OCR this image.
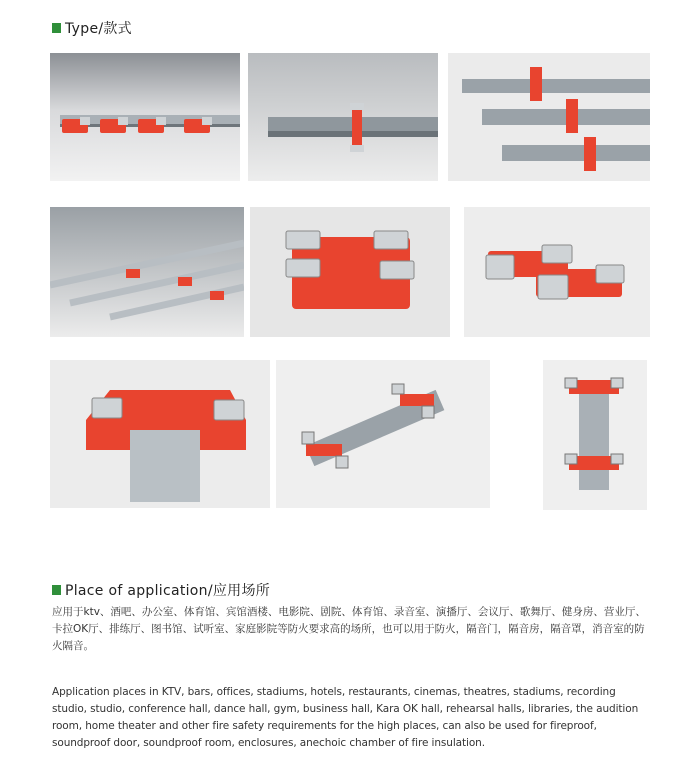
Type/款式
Place of application/应用场所
应用于ktv、酒吧、办公室、体育馆、宾馆酒楼、电影院、剧院、体育馆、录音室、演播厅、会议厅、歌舞厅、健身房、营业厅、卡拉OK厅、排练厅、图书馆、试听室、家庭影院等防火要求高的场所，也可以用于防火，隔音门，隔音房，隔音罩，消音室的防火隔音。
Application places in KTV, bars, offices, stadiums, hotels, restaurants, cinemas, theatres, stadiums, recording studio, studio, conference hall, dance hall, gym, business hall, Kara OK hall, rehearsal halls, libraries, the audition room, home theater and other fire safety requirements for the high places, can also be used for fireproof, soundproof door, soundproof room, enclosures, anechoic chamber of fire insulation.
